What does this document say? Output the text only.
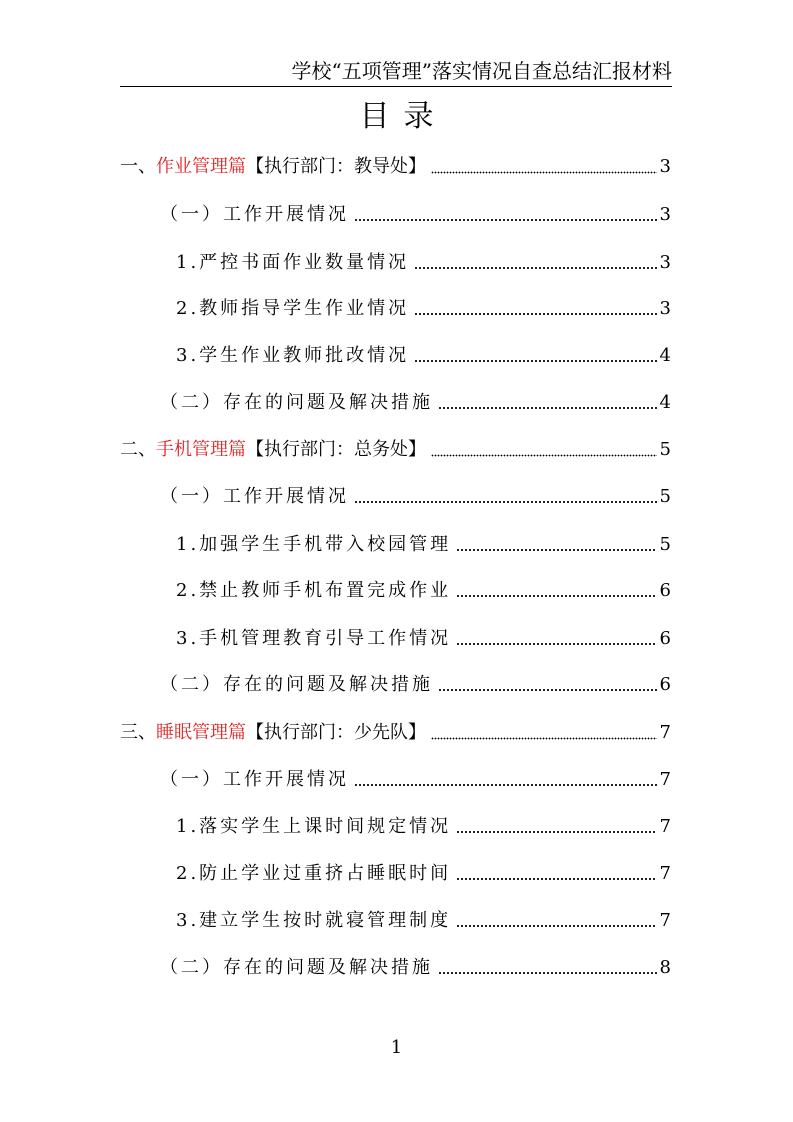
学校“五项管理”落实情况自查总结汇报材料
目录
一、作业管理篇【执行部门：教导处】	3
（一）工作开展情况	3
1.严控书面作业数量情况	3
2.教师指导学生作业情况	3
3.学生作业教师批改情况	4
（二）存在的问题及解决措施	4
二、手机管理篇【执行部门：总务处】	5
（一）工作开展情况	5
1.加强学生手机带入校园管理	5
2.禁止教师手机布置完成作业	6
3.手机管理教育引导工作情况	6
（二）存在的问题及解决措施	6
三、睡眠管理篇【执行部门：少先队】	7
（一）工作开展情况	7
1.落实学生上课时间规定情况	7
2.防止学业过重挤占睡眠时间	7
3.建立学生按时就寝管理制度	7
（二）存在的问题及解决措施	8
1
